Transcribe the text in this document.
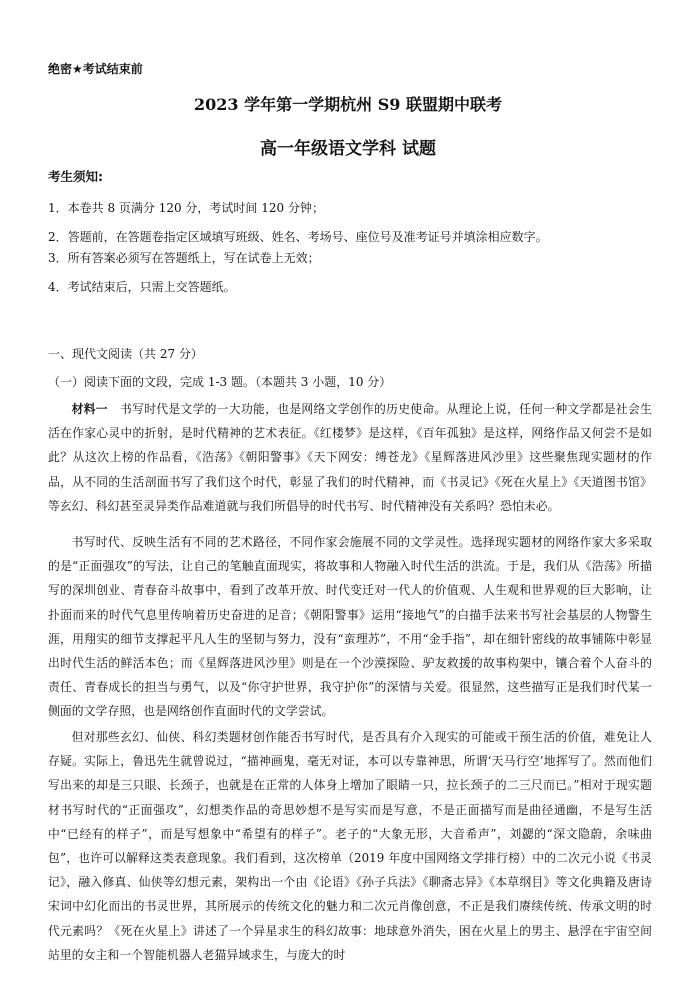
绝密★考试结束前
2023 学年第一学期杭州 S9 联盟期中联考
高一年级语文学科 试题
考生须知:
1．本卷共 8 页满分 120 分，考试时间 120 分钟；
2．答题前，在答题卷指定区域填写班级、姓名、考场号、座位号及准考证号并填涂相应数字。
3．所有答案必须写在答题纸上，写在试卷上无效；
4．考试结束后，只需上交答题纸。
一、现代文阅读（共 27 分）
（一）阅读下面的文段，完成 1-3 题。（本题共 3 小题，10 分）
材料一　 书写时代是文学的一大功能，也是网络文学创作的历史使命。从理论上说，任何一种文学都是社会生活在作家心灵中的折射，是时代精神的艺术表征。《红楼梦》是这样，《百年孤独》是这样，网络作品又何尝不是如此？从这次上榜的作品看，《浩荡》《朝阳警事》《天下网安：缚苍龙》《星辉落进风沙里》这些聚焦现实题材的作品，从不同的生活剖面书写了我们这个时代，彰显了我们的时代精神，而《书灵记》《死在火星上》《天道图书馆》等玄幻、科幻甚至灵异类作品难道就与我们所倡导的时代书写、时代精神没有关系吗？恐怕未必。
书写时代、反映生活有不同的艺术路径，不同作家会施展不同的文学灵性。选择现实题材的网络作家大多采取的是“正面强攻”的写法，让自己的笔触直面现实，将故事和人物融入时代生活的洪流。于是，我们从《浩荡》所描写的深圳创业、青春奋斗故事中，看到了改革开放、时代变迁对一代人的价值观、人生观和世界观的巨大影响，让扑面而来的时代气息里传响着历史奋进的足音；《朝阳警事》运用“接地气”的白描手法来书写社会基层的人物警生涯，用翔实的细节支撑起平凡人生的坚韧与努力，没有“蛮理苏”，不用“金手指”，却在细针密线的故事铺陈中彰显出时代生活的鲜活本色；而《星辉落进风沙里》则是在一个沙漠探险、驴友救援的故事构架中，镶合着个人奋斗的责任、青春成长的担当与勇气，以及“你守护世界，我守护你”的深情与关爱。很显然，这些描写正是我们时代某一侧面的文学存照，也是网络创作直面时代的文学尝试。
但对那些玄幻、仙侠、科幻类题材创作能否书写时代，是否具有介入现实的可能或干预生活的价值，难免让人存疑。实际上，鲁迅先生就曾说过，“描神画鬼，毫无对证，本可以专靠神思，所谓‘天马行空’地挥写了。然而他们写出来的却是三只眼、长颈子，也就是在正常的人体身上增加了眼睛一只，拉长颈子的二三尺而已。”相对于现实题材书写时代的“正面强攻”，幻想类作品的奇思妙想不是写实而是写意，不是正面描写而是曲径通幽，不是写生活中“已经有的样子”，而是写想象中“希望有的样子”。老子的“大象无形，大音希声”，刘勰的“深文隐蔚，余味曲包”，也许可以解释这类表意现象。我们看到，这次榜单（2019 年度中国网络文学排行榜）中的二次元小说《书灵记》，融入修真、仙侠等幻想元素，架构出一个由《论语》《孙子兵法》《聊斋志异》《本草纲目》等文化典籍及唐诗宋词中幻化而出的书灵世界，其所展示的传统文化的魅力和二次元肖像创意，不正是我们赓续传统、传承文明的时代元素吗？《死在火星上》讲述了一个异星求生的科幻故事：地球意外消失，困在火星上的男主、悬浮在宇宙空间站里的女主和一个智能机器人老猫异域求生，与庞大的时
